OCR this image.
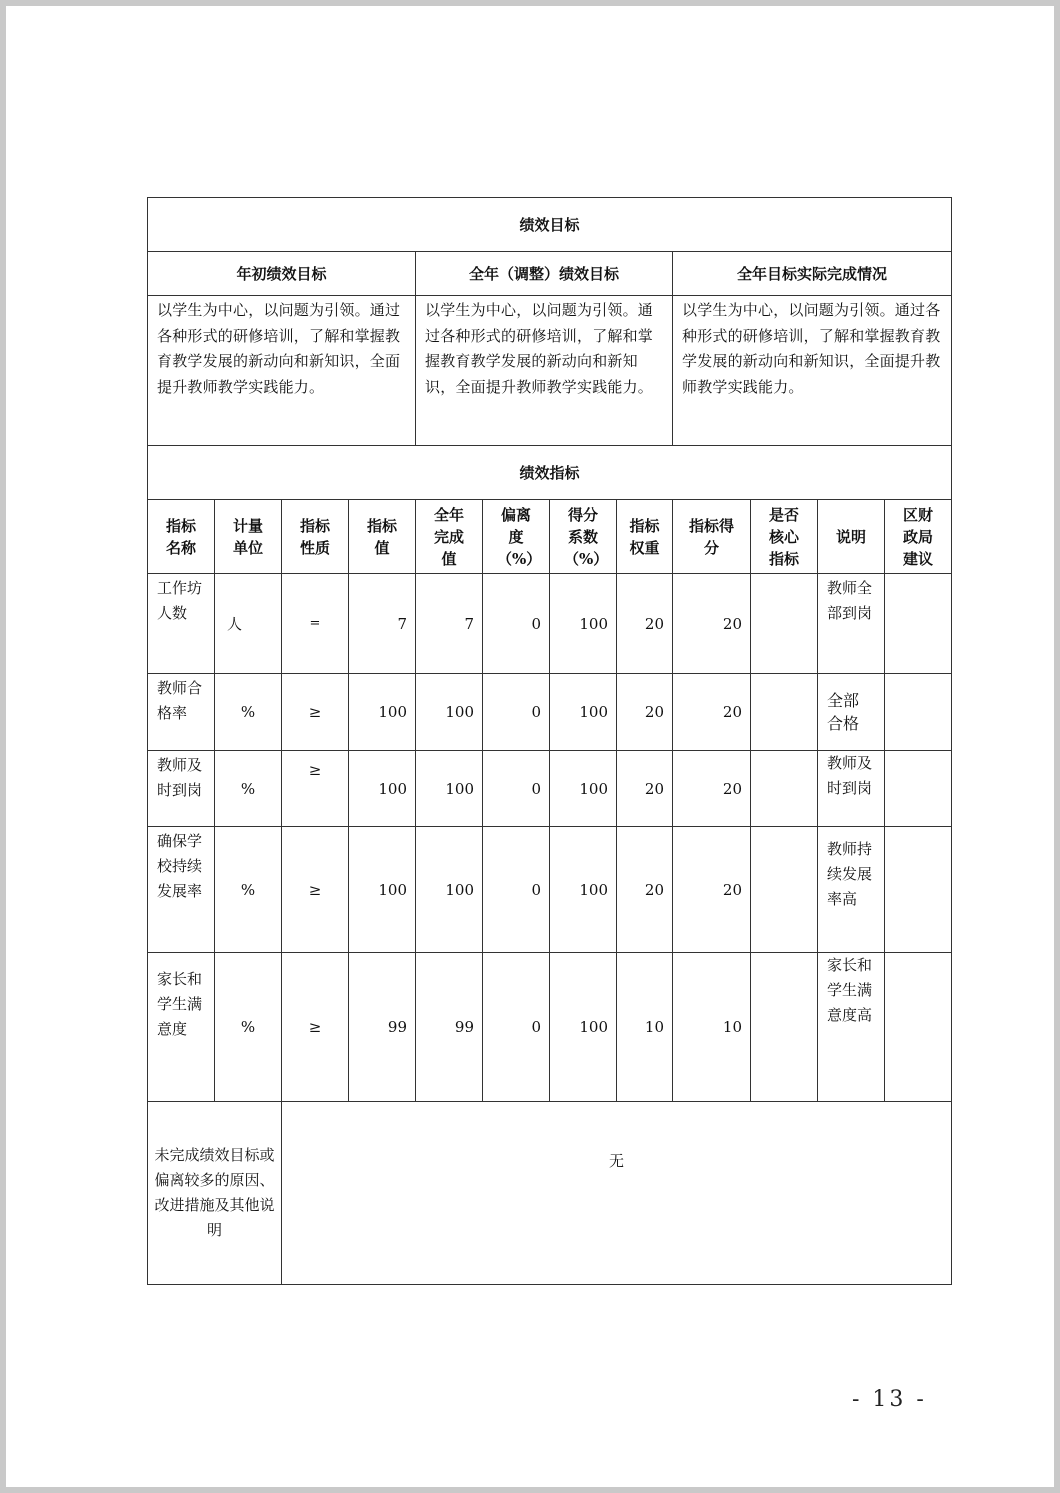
绩效目标											
年初绩效目标				全年（调整）绩效目标				全年目标实际完成情况			
以学生为中心，以问题为引领。通过各种形式的研修培训，了解和掌握教育教学发展的新动向和新知识，全面提升教师教学实践能力。				以学生为中心，以问题为引领。通过各种形式的研修培训，了解和掌握教育教学发展的新动向和新知识，全面提升教师教学实践能力。				以学生为中心，以问题为引领。通过各种形式的研修培训，了解和掌握教育教学发展的新动向和新知识，全面提升教师教学实践能力。			
绩效指标											
指标名称	计量单位	指标性质	指标值	全年完成值	偏离度（%）	得分系数（%）	指标权重	指标得分	是否核心指标	说明	区财政局建议
工作坊人数	人	=	7	7	0	100	20	20		教师全部到岗	
教师合格率	%	≥	100	100	0	100	20	20		全部合格	
教师及时到岗	%	≥	100	100	0	100	20	20		教师及时到岗	
确保学校持续发展率	%	≥	100	100	0	100	20	20		教师持续发展率高	
家长和学生满意度	%	≥	99	99	0	100	10	10		家长和学生满意度高	
未完成绩效目标或偏离较多的原因、改进措施及其他说明		无									
- 13 -
